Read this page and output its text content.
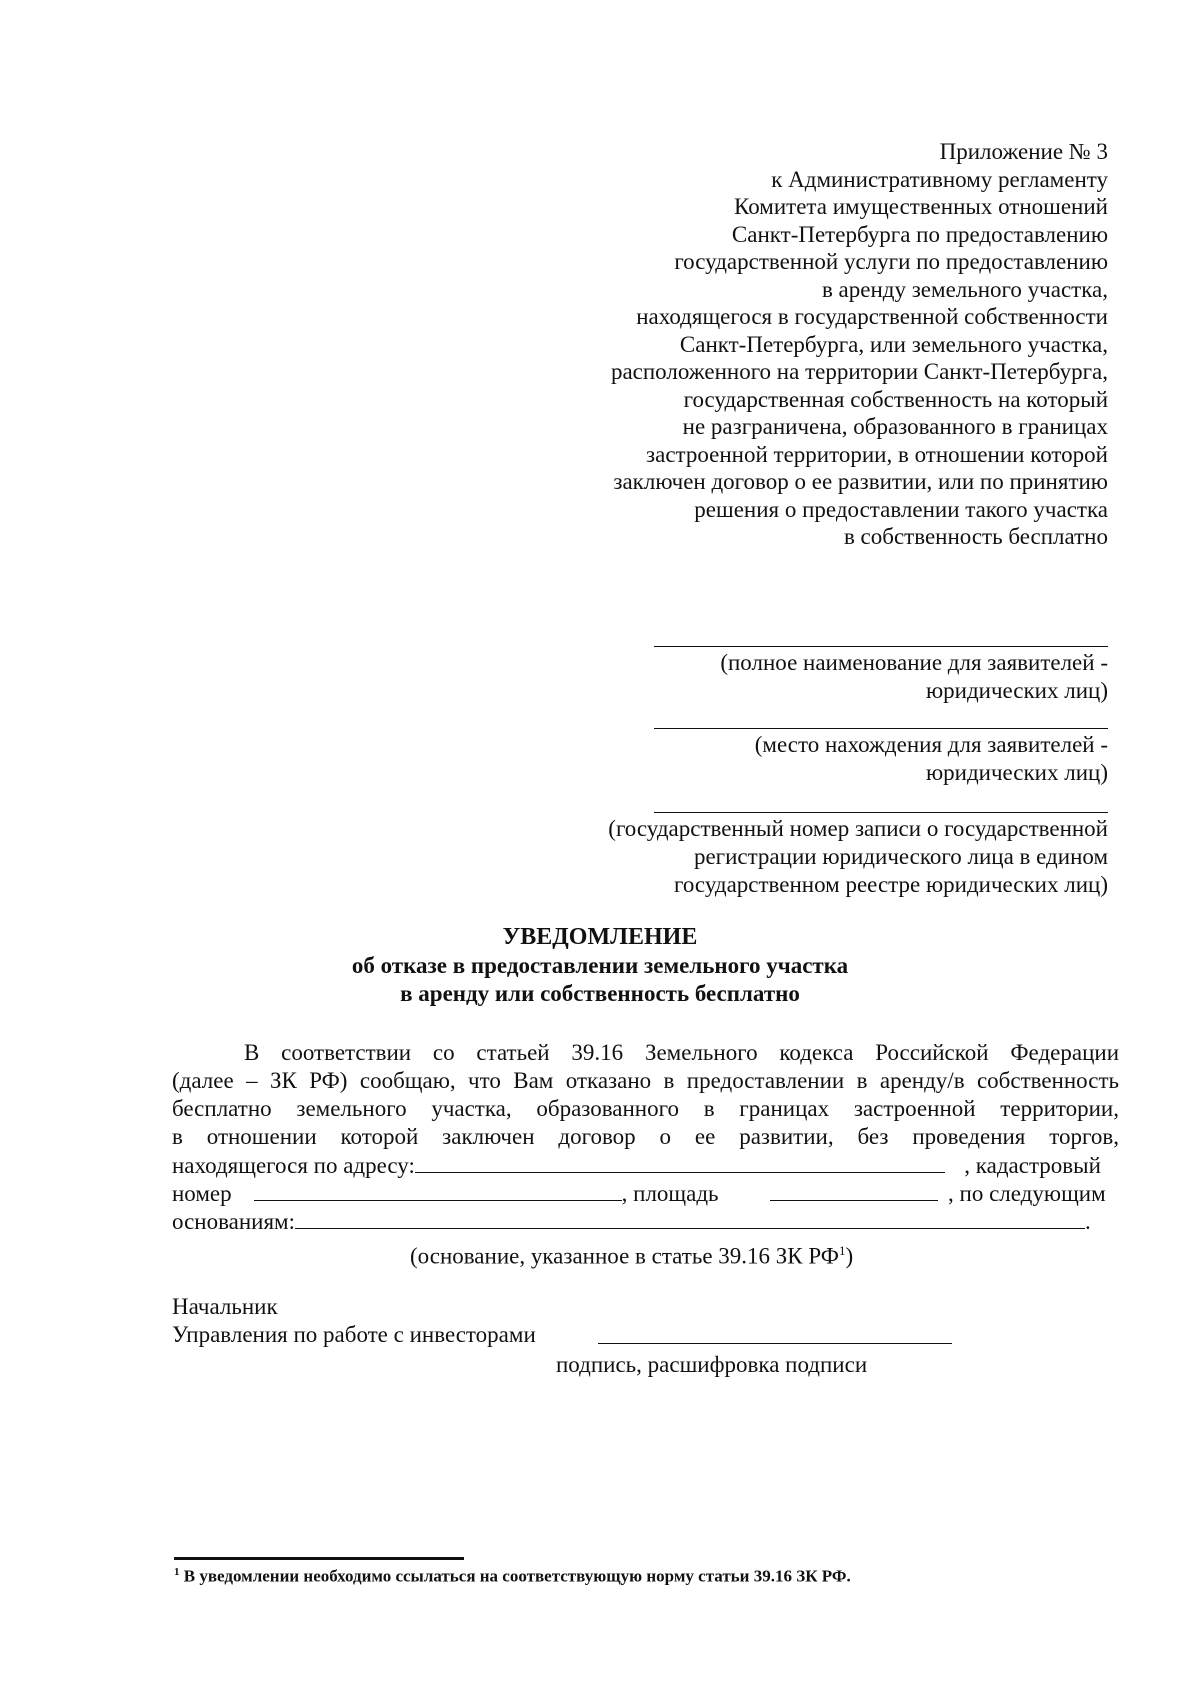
Приложение № 3
к Административному регламенту
Комитета имущественных отношений
Санкт-Петербурга по предоставлению
государственной услуги по предоставлению
в аренду земельного участка,
находящегося в государственной собственности
Санкт-Петербурга, или земельного участка,
расположенного на территории Санкт-Петербурга,
государственная собственность на который
не разграничена, образованного в границах
застроенной территории, в отношении которой
заключен договор о ее развитии, или по принятию
решения о предоставлении такого участка
в собственность бесплатно
(полное наименование для заявителей -
юридических лиц)
(место нахождения для заявителей -
юридических лиц)
(государственный номер записи о государственной
регистрации юридического лица в едином
государственном реестре юридических лиц)
УВЕДОМЛЕНИЕ
об отказе в предоставлении земельного участка
в аренду или собственность бесплатно
В соответствии со статьей 39.16 Земельного кодекса Российской Федерации
(далее – ЗК РФ) сообщаю, что Вам отказано в предоставлении в аренду/в собственность
бесплатно земельного участка, образованного в границах застроенной территории,
в отношении которой заключен договор о ее развитии, без проведения торгов,
находящегося по адресу:	, кадастровый
номер	, площадь	, по следующим
основаниям:	.
(основание, указанное в статье 39.16 ЗК $РФ^1$)
Начальник
Управления по работе с инвесторами
подпись, расшифровка подписи
$^1$ В уведомлении необходимо ссылаться на соответствующую норму статьи 39.16 ЗК РФ.
